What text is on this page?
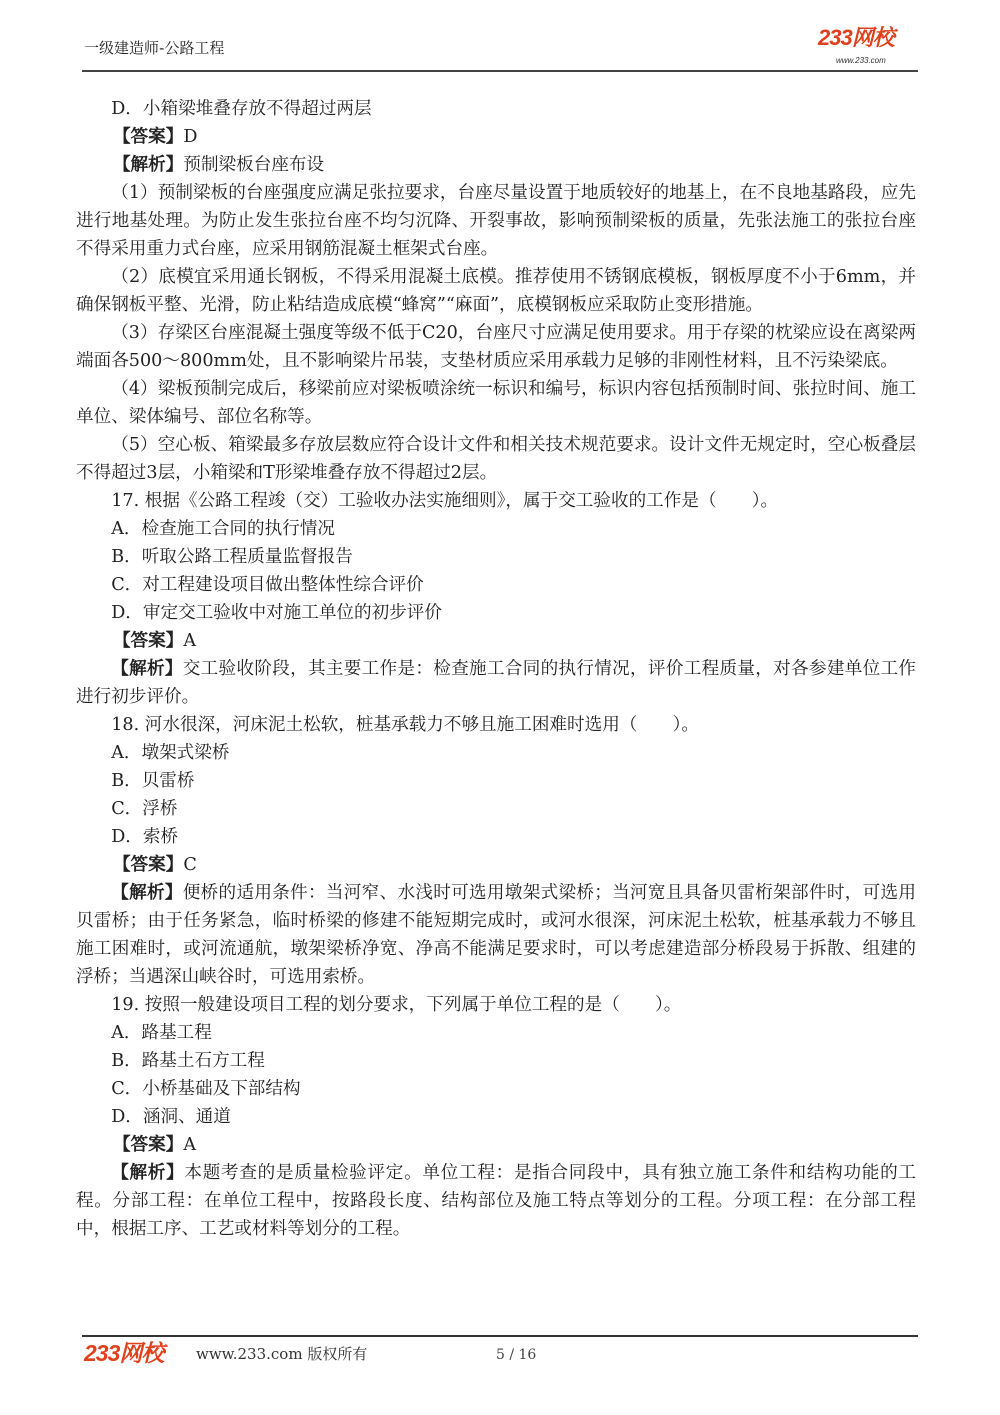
一级建造师-公路工程	233网校
www.233.com

D．小箱梁堆叠存放不得超过两层

【答案】D

【解析】预制梁板台座布设

（1）预制梁板的台座强度应满足张拉要求，台座尽量设置于地质较好的地基上，在不良地基路段，应先进行地基处理。为防止发生张拉台座不均匀沉降、开裂事故，影响预制梁板的质量，先张法施工的张拉台座不得采用重力式台座，应采用钢筋混凝土框架式台座。

（2）底模宜采用通长钢板，不得采用混凝土底模。推荐使用不锈钢底模板，钢板厚度不小于6mm，并确保钢板平整、光滑，防止粘结造成底模“蜂窝”“麻面”，底模钢板应采取防止变形措施。

（3）存梁区台座混凝土强度等级不低于C20，台座尺寸应满足使用要求。用于存梁的枕梁应设在离梁两端面各500～800mm处，且不影响梁片吊装，支垫材质应采用承载力足够的非刚性材料，且不污染梁底。

（4）梁板预制完成后，移梁前应对梁板喷涂统一标识和编号，标识内容包括预制时间、张拉时间、施工单位、梁体编号、部位名称等。

（5）空心板、箱梁最多存放层数应符合设计文件和相关技术规范要求。设计文件无规定时，空心板叠层不得超过3层，小箱梁和T形梁堆叠存放不得超过2层。

17. 根据《公路工程竣（交）工验收办法实施细则》，属于交工验收的工作是（　　）。

A．检查施工合同的执行情况

B．听取公路工程质量监督报告

C．对工程建设项目做出整体性综合评价

D．审定交工验收中对施工单位的初步评价

【答案】A

【解析】交工验收阶段，其主要工作是：检查施工合同的执行情况，评价工程质量，对各参建单位工作进行初步评价。

18. 河水很深，河床泥土松软，桩基承载力不够且施工困难时选用（　　）。

A．墩架式梁桥

B．贝雷桥

C．浮桥

D．索桥

【答案】C

【解析】便桥的适用条件：当河窄、水浅时可选用墩架式梁桥；当河宽且具备贝雷桁架部件时，可选用贝雷桥；由于任务紧急，临时桥梁的修建不能短期完成时，或河水很深，河床泥土松软，桩基承载力不够且施工困难时，或河流通航，墩架梁桥净宽、净高不能满足要求时，可以考虑建造部分桥段易于拆散、组建的浮桥；当遇深山峡谷时，可选用索桥。

19. 按照一般建设项目工程的划分要求，下列属于单位工程的是（　　）。

A．路基工程

B．路基土石方工程

C．小桥基础及下部结构

D．涵洞、通道

【答案】A

【解析】本题考查的是质量检验评定。单位工程：是指合同段中，具有独立施工条件和结构功能的工程。分部工程：在单位工程中，按路段长度、结构部位及施工特点等划分的工程。分项工程：在分部工程中，根据工序、工艺或材料等划分的工程。

233网校 www.233.com 版权所有	5 / 16
